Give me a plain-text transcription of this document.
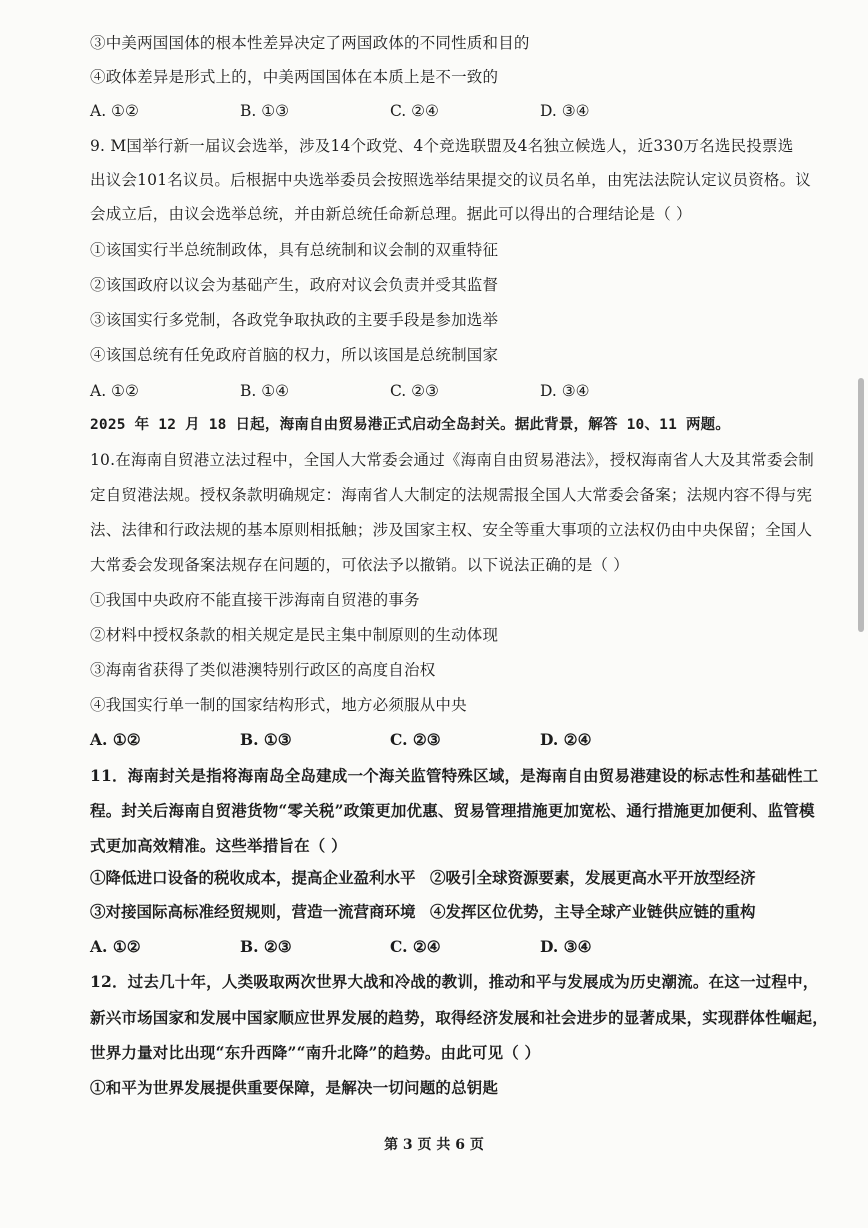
③中美两国国体的根本性差异决定了两国政体的不同性质和目的
④政体差异是形式上的，中美两国国体在本质上是不一致的
A. ①②	B. ①③	C. ②④	D. ③④
9. M国举行新一届议会选举，涉及14个政党、4个竞选联盟及4名独立候选人，近330万名选民投票选
出议会101名议员。后根据中央选举委员会按照选举结果提交的议员名单，由宪法法院认定议员资格。议
会成立后，由议会选举总统，并由新总统任命新总理。据此可以得出的合理结论是（ ）
①该国实行半总统制政体，具有总统制和议会制的双重特征
②该国政府以议会为基础产生，政府对议会负责并受其监督
③该国实行多党制，各政党争取执政的主要手段是参加选举
④该国总统有任免政府首脑的权力，所以该国是总统制国家
A. ①②	B. ①④	C. ②③	D. ③④
2025 年 12 月 18 日起，海南自由贸易港正式启动全岛封关。据此背景，解答 10、11 两题。
10.在海南自贸港立法过程中，全国人大常委会通过《海南自由贸易港法》，授权海南省人大及其常委会制
定自贸港法规。授权条款明确规定：海南省人大制定的法规需报全国人大常委会备案；法规内容不得与宪
法、法律和行政法规的基本原则相抵触；涉及国家主权、安全等重大事项的立法权仍由中央保留；全国人
大常委会发现备案法规存在问题的，可依法予以撤销。以下说法正确的是（ ）
①我国中央政府不能直接干涉海南自贸港的事务
②材料中授权条款的相关规定是民主集中制原则的生动体现
③海南省获得了类似港澳特别行政区的高度自治权
④我国实行单一制的国家结构形式，地方必须服从中央
A. ①②	B. ①③	C. ②③	D. ②④
11．海南封关是指将海南岛全岛建成一个海关监管特殊区域，是海南自由贸易港建设的标志性和基础性工
程。封关后海南自贸港货物“零关税”政策更加优惠、贸易管理措施更加宽松、通行措施更加便利、监管模
式更加高效精准。这些举措旨在（ ）
①降低进口设备的税收成本，提高企业盈利水平 ②吸引全球资源要素，发展更高水平开放型经济
③对接国际高标准经贸规则，营造一流营商环境 ④发挥区位优势，主导全球产业链供应链的重构
A. ①②	B. ②③	C. ②④	D. ③④
12．过去几十年，人类吸取两次世界大战和冷战的教训，推动和平与发展成为历史潮流。在这一过程中，
新兴市场国家和发展中国家顺应世界发展的趋势，取得经济发展和社会进步的显著成果，实现群体性崛起，
世界力量对比出现“东升西降”“南升北降”的趋势。由此可见（ ）
①和平为世界发展提供重要保障，是解决一切问题的总钥匙
第 3 页 共 6 页
